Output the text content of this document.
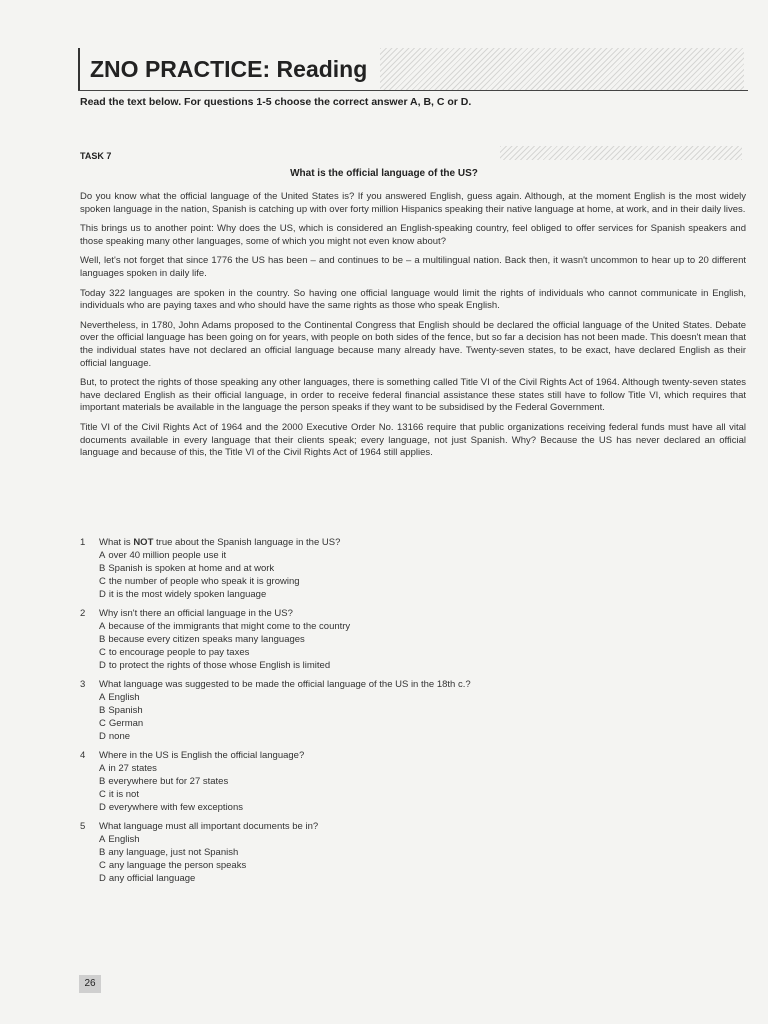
ZNO PRACTICE: Reading
Read the text below. For questions 1-5 choose the correct answer A, B, C or D.
TASK 7
What is the official language of the US?

Do you know what the official language of the United States is? If you answered English, guess again. Although, at the moment English is the most widely spoken language in the nation, Spanish is catching up with over forty million Hispanics speaking their native language at home, at work, and in their daily lives.

This brings us to another point: Why does the US, which is considered an English-speaking country, feel obliged to offer services for Spanish speakers and those speaking many other languages, some of which you might not even know about?

Well, let's not forget that since 1776 the US has been – and continues to be – a multilingual nation. Back then, it wasn't uncommon to hear up to 20 different languages spoken in daily life.

Today 322 languages are spoken in the country. So having one official language would limit the rights of individuals who cannot communicate in English, individuals who are paying taxes and who should have the same rights as those who speak English.

Nevertheless, in 1780, John Adams proposed to the Continental Congress that English should be declared the official language of the United States. Debate over the official language has been going on for years, with people on both sides of the fence, but so far a decision has not been made. This doesn't mean that the individual states have not declared an official language because many already have. Twenty-seven states, to be exact, have declared English as their official language.

But, to protect the rights of those speaking any other languages, there is something called Title VI of the Civil Rights Act of 1964. Although twenty-seven states have declared English as their official language, in order to receive federal financial assistance these states still have to follow Title VI, which requires that important materials be available in the language the person speaks if they want to be subsidised by the Federal Government.

Title VI of the Civil Rights Act of 1964 and the 2000 Executive Order No. 13166 require that public organizations receiving federal funds must have all vital documents available in every language that their clients speak; every language, not just Spanish. Why? Because the US has never declared an official language and because of this, the Title VI of the Civil Rights Act of 1964 still applies.

1 What is NOT true about the Spanish language in the US?
A over 40 million people use it
B Spanish is spoken at home and at work
C the number of people who speak it is growing
D it is the most widely spoken language
2 Why isn't there an official language in the US?
A because of the immigrants that might come to the country
B because every citizen speaks many languages
C to encourage people to pay taxes
D to protect the rights of those whose English is limited
3 What language was suggested to be made the official language of the US in the 18th c.?
A English
B Spanish
C German
D none
4 Where in the US is English the official language?
A in 27 states
B everywhere but for 27 states
C it is not
D everywhere with few exceptions
5 What language must all important documents be in?
A English
B any language, just not Spanish
C any language the person speaks
D any official language
26
